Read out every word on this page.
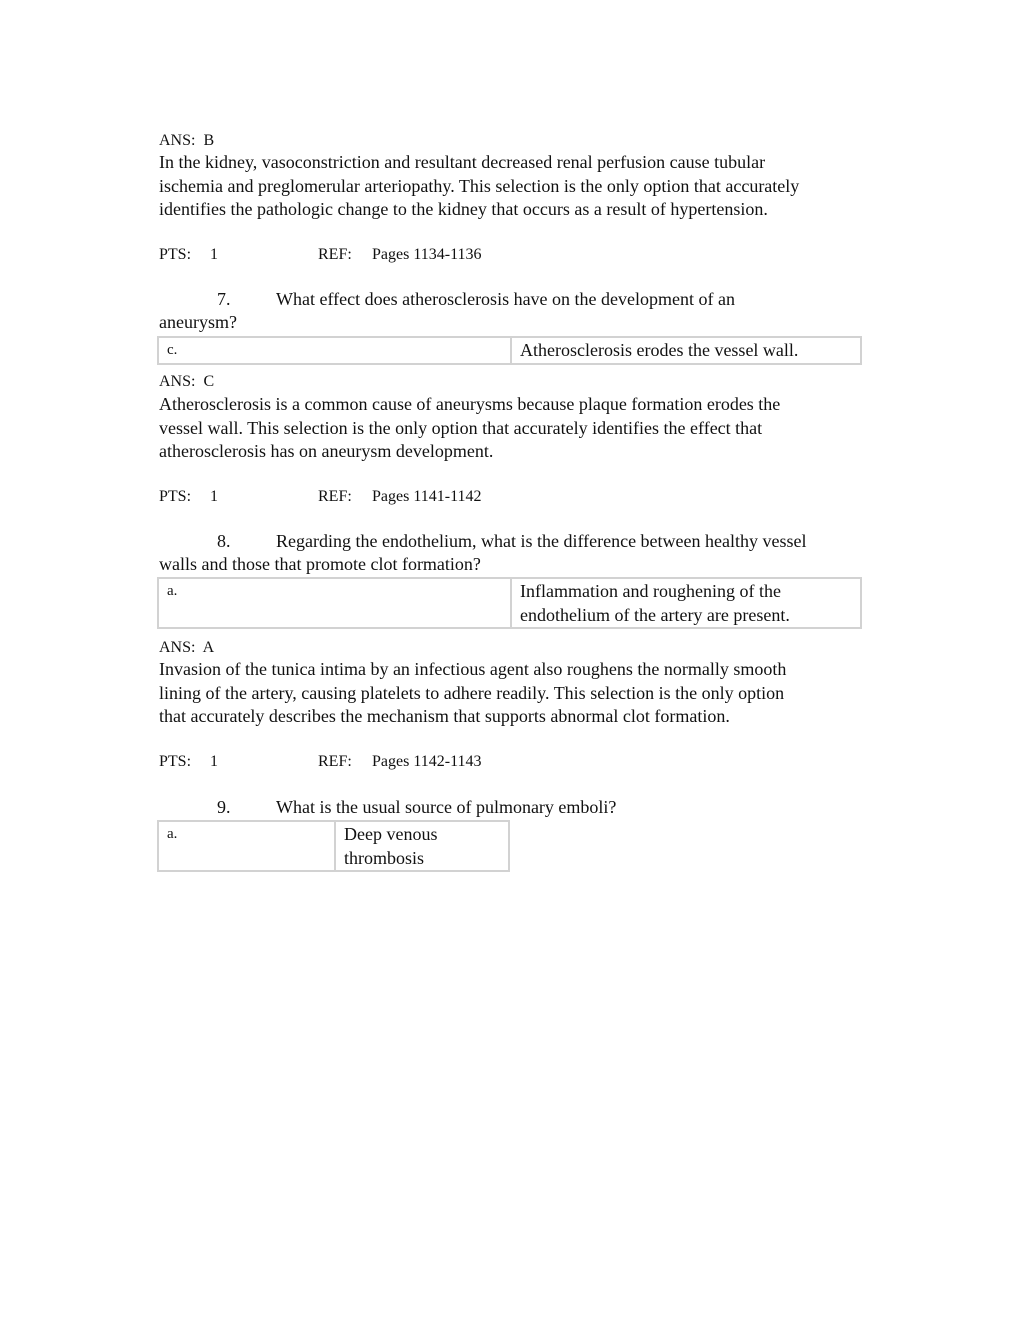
ANS: B
In the kidney, vasoconstriction and resultant decreased renal perfusion cause tubular
ischemia and preglomerular arteriopathy. This selection is the only option that accurately
identifies the pathologic change to the kidney that occurs as a result of hypertension.
PTS: 1	REF: Pages 1134-1136
7.	What effect does atherosclerosis have on the development of an
aneurysm?
c.	Atherosclerosis erodes the vessel wall.
ANS: C
Atherosclerosis is a common cause of aneurysms because plaque formation erodes the
vessel wall. This selection is the only option that accurately identifies the effect that
atherosclerosis has on aneurysm development.
PTS: 1	REF: Pages 1141-1142
8.	Regarding the endothelium, what is the difference between healthy vessel
walls and those that promote clot formation?
a.	Inflammation and roughening of the
endothelium of the artery are present.
ANS: A
Invasion of the tunica intima by an infectious agent also roughens the normally smooth
lining of the artery, causing platelets to adhere readily. This selection is the only option
that accurately describes the mechanism that supports abnormal clot formation.
PTS: 1	REF: Pages 1142-1143
9.	What is the usual source of pulmonary emboli?
a.	Deep venous
thrombosis
